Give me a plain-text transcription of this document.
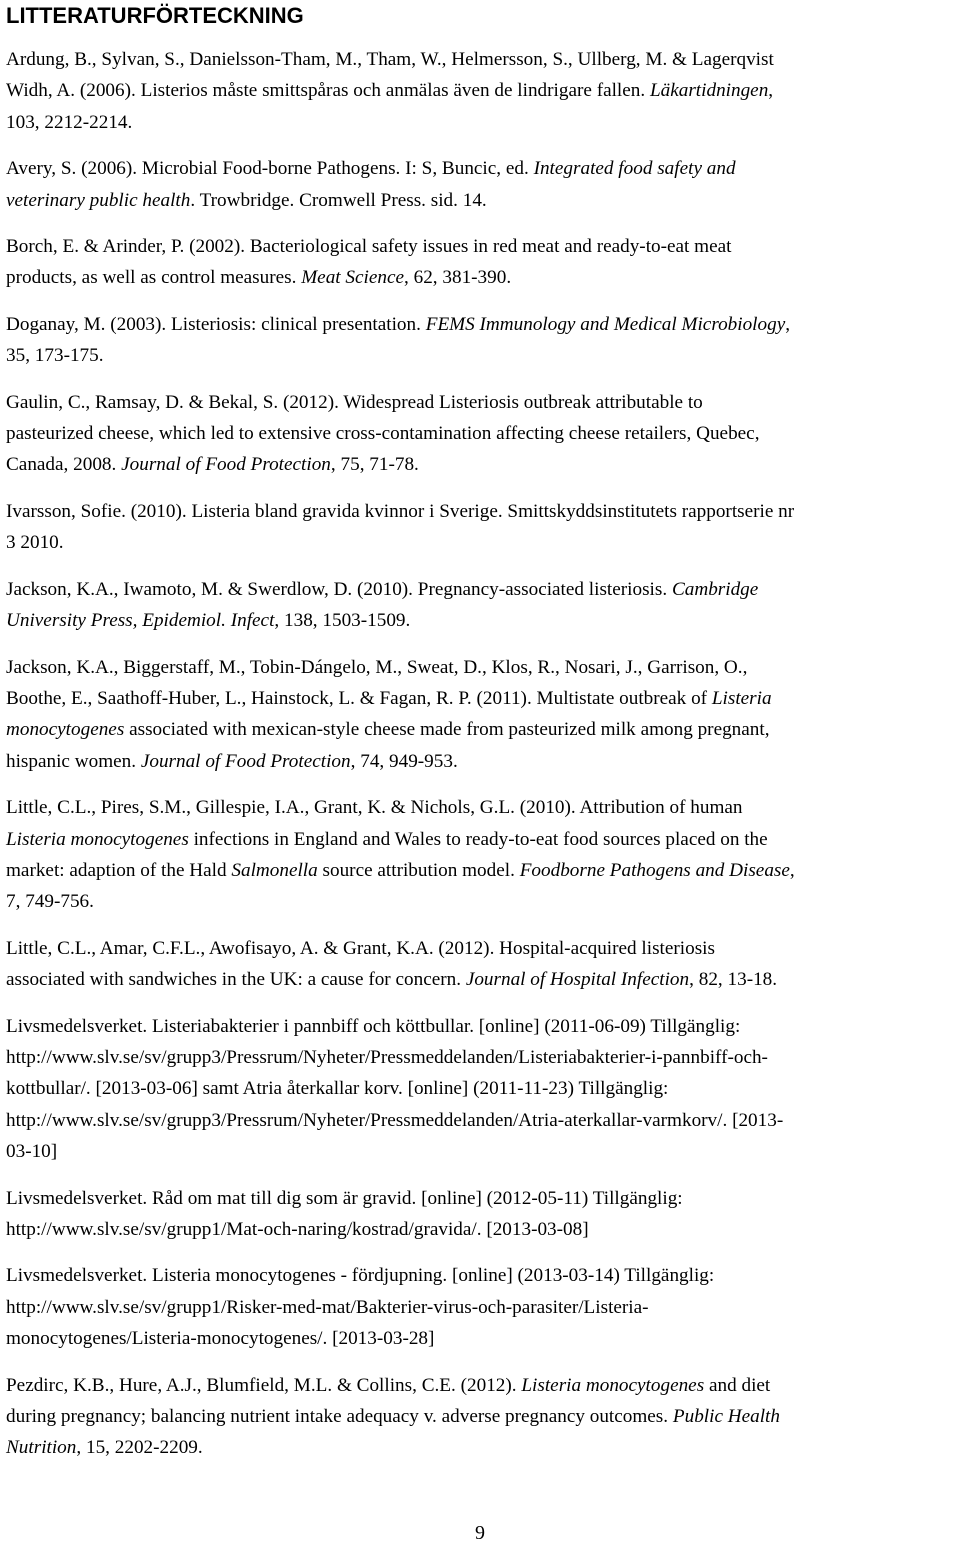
LITTERATURFÖRTECKNING
Ardung, B., Sylvan, S., Danielsson-Tham, M., Tham, W., Helmersson, S., Ullberg, M. & Lagerqvist
Widh, A. (2006). Listerios måste smittspåras och anmälas även de lindrigare fallen. Läkartidningen,
103, 2212-2214.
Avery, S. (2006). Microbial Food-borne Pathogens. I: S, Buncic, ed. Integrated food safety and
veterinary public health. Trowbridge. Cromwell Press. sid. 14.
Borch, E. & Arinder, P. (2002). Bacteriological safety issues in red meat and ready-to-eat meat
products, as well as control measures. Meat Science, 62, 381-390.
Doganay, M. (2003). Listeriosis: clinical presentation. FEMS Immunology and Medical Microbiology,
35, 173-175.
Gaulin, C., Ramsay, D. & Bekal, S. (2012). Widespread Listeriosis outbreak attributable to
pasteurized cheese, which led to extensive cross-contamination affecting cheese retailers, Quebec,
Canada, 2008. Journal of Food Protection, 75, 71-78.
Ivarsson, Sofie. (2010). Listeria bland gravida kvinnor i Sverige. Smittskyddsinstitutets rapportserie nr
3 2010.
Jackson, K.A., Iwamoto, M. & Swerdlow, D. (2010). Pregnancy-associated listeriosis. Cambridge
University Press, Epidemiol. Infect, 138, 1503-1509.
Jackson, K.A., Biggerstaff, M., Tobin-Dángelo, M., Sweat, D., Klos, R., Nosari, J., Garrison, O.,
Boothe, E., Saathoff-Huber, L., Hainstock, L. & Fagan, R. P. (2011). Multistate outbreak of Listeria
monocytogenes associated with mexican-style cheese made from pasteurized milk among pregnant,
hispanic women. Journal of Food Protection, 74, 949-953.
Little, C.L., Pires, S.M., Gillespie, I.A., Grant, K. & Nichols, G.L. (2010). Attribution of human
Listeria monocytogenes infections in England and Wales to ready-to-eat food sources placed on the
market: adaption of the Hald Salmonella source attribution model. Foodborne Pathogens and Disease,
7, 749-756.
Little, C.L., Amar, C.F.L., Awofisayo, A. & Grant, K.A. (2012). Hospital-acquired listeriosis
associated with sandwiches in the UK: a cause for concern. Journal of Hospital Infection, 82, 13-18.
Livsmedelsverket. Listeriabakterier i pannbiff och köttbullar. [online] (2011-06-09) Tillgänglig:
http://www.slv.se/sv/grupp3/Pressrum/Nyheter/Pressmeddelanden/Listeriabakterier-i-pannbiff-och-
kottbullar/. [2013-03-06] samt Atria återkallar korv. [online] (2011-11-23) Tillgänglig:
http://www.slv.se/sv/grupp3/Pressrum/Nyheter/Pressmeddelanden/Atria-aterkallar-varmkorv/. [2013-
03-10]
Livsmedelsverket. Råd om mat till dig som är gravid. [online] (2012-05-11) Tillgänglig:
http://www.slv.se/sv/grupp1/Mat-och-naring/kostrad/gravida/. [2013-03-08]
Livsmedelsverket. Listeria monocytogenes - fördjupning. [online] (2013-03-14) Tillgänglig:
http://www.slv.se/sv/grupp1/Risker-med-mat/Bakterier-virus-och-parasiter/Listeria-
monocytogenes/Listeria-monocytogenes/. [2013-03-28]
Pezdirc, K.B., Hure, A.J., Blumfield, M.L. & Collins, C.E. (2012). Listeria monocytogenes and diet
during pregnancy; balancing nutrient intake adequacy v. adverse pregnancy outcomes. Public Health
Nutrition, 15, 2202-2209.
9
